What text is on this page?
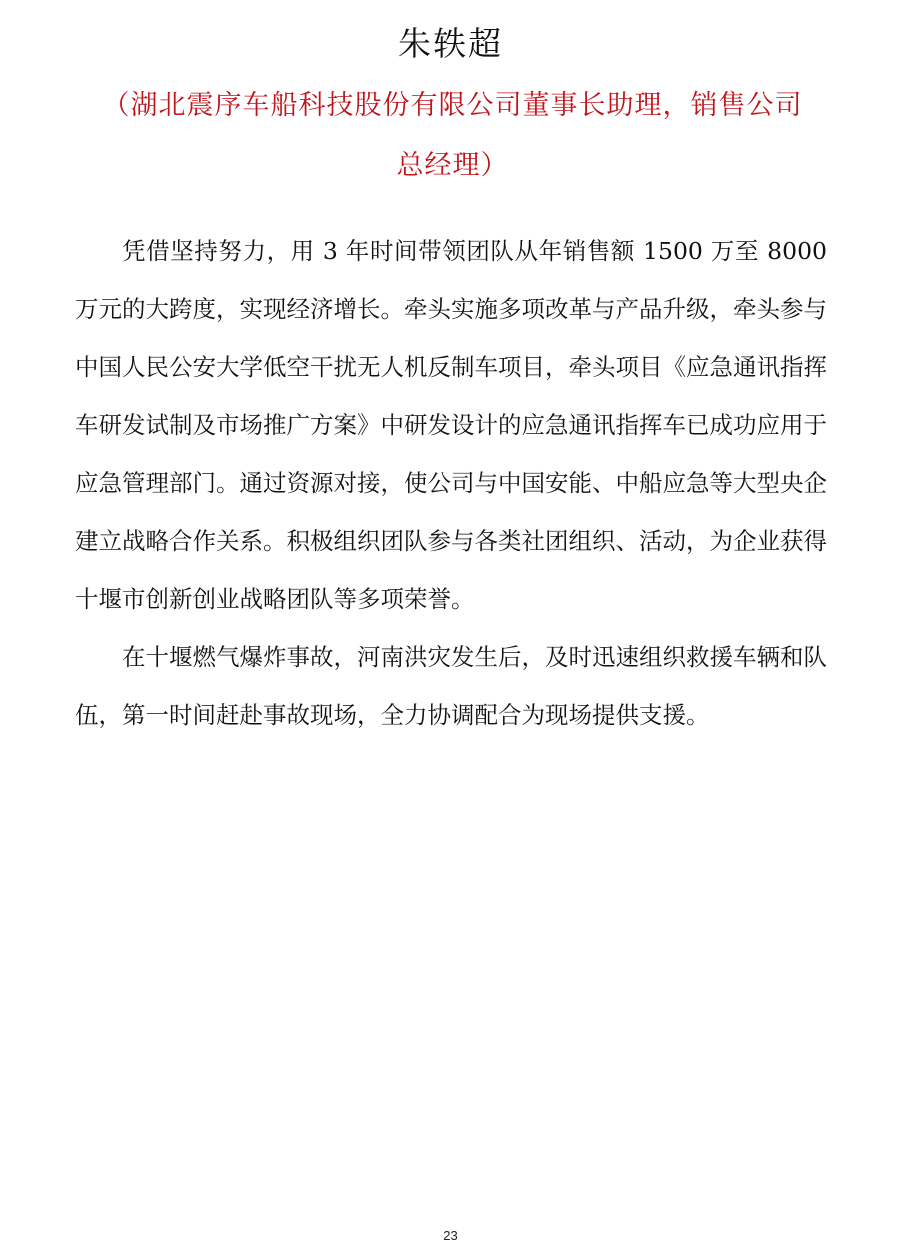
朱轶超
（湖北震序车船科技股份有限公司董事长助理，销售公司总经理）

凭借坚持努力，用 3 年时间带领团队从年销售额 1500 万至 8000 万元的大跨度，实现经济增长。牵头实施多项改革与产品升级，牵头参与中国人民公安大学低空干扰无人机反制车项目，牵头项目《应急通讯指挥车研发试制及市场推广方案》中研发设计的应急通讯指挥车已成功应用于应急管理部门。通过资源对接，使公司与中国安能、中船应急等大型央企建立战略合作关系。积极组织团队参与各类社团组织、活动，为企业获得十堰市创新创业战略团队等多项荣誉。

在十堰燃气爆炸事故，河南洪灾发生后，及时迅速组织救援车辆和队伍，第一时间赶赴事故现场，全力协调配合为现场提供支援。

23
